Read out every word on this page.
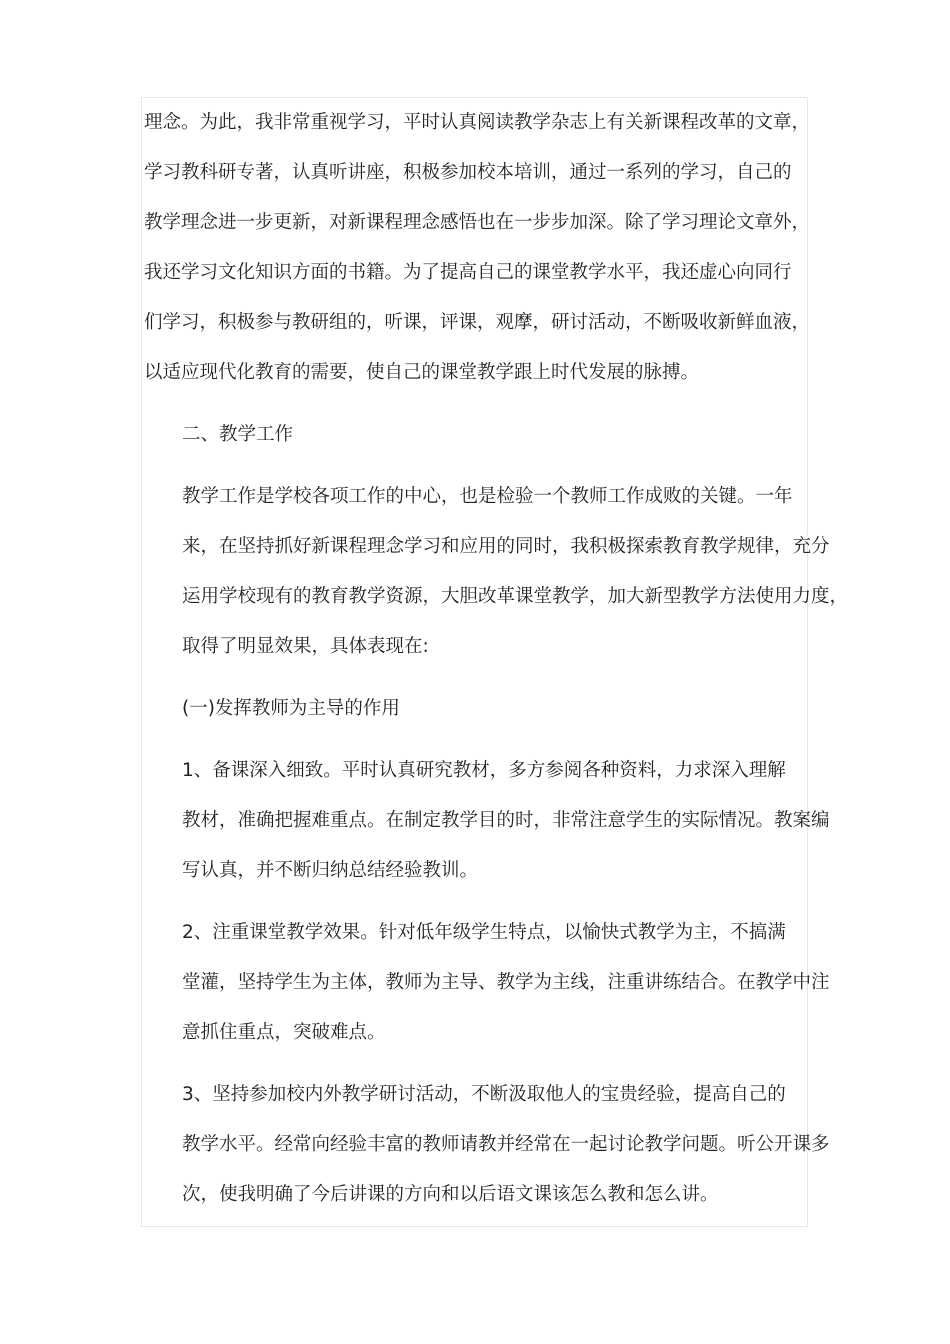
理念。为此，我非常重视学习，平时认真阅读教学杂志上有关新课程改革的文章，
学习教科研专著，认真听讲座，积极参加校本培训，通过一系列的学习，自己的
教学理念进一步更新，对新课程理念感悟也在一步步加深。除了学习理论文章外，
我还学习文化知识方面的书籍。为了提高自己的课堂教学水平，我还虚心向同行
们学习，积极参与教研组的，听课，评课，观摩，研讨活动，不断吸收新鲜血液，
以适应现代化教育的需要，使自己的课堂教学跟上时代发展的脉搏。

二、教学工作

教学工作是学校各项工作的中心，也是检验一个教师工作成败的关键。一年
来，在坚持抓好新课程理念学习和应用的同时，我积极探索教育教学规律，充分
运用学校现有的教育教学资源，大胆改革课堂教学，加大新型教学方法使用力度，
取得了明显效果，具体表现在:

(一)发挥教师为主导的作用

1、备课深入细致。平时认真研究教材，多方参阅各种资料，力求深入理解
教材，准确把握难重点。在制定教学目的时，非常注意学生的实际情况。教案编
写认真，并不断归纳总结经验教训。

2、注重课堂教学效果。针对低年级学生特点，以愉快式教学为主，不搞满
堂灌，坚持学生为主体，教师为主导、教学为主线，注重讲练结合。在教学中注
意抓住重点，突破难点。

3、坚持参加校内外教学研讨活动，不断汲取他人的宝贵经验，提高自己的
教学水平。经常向经验丰富的教师请教并经常在一起讨论教学问题。听公开课多
次，使我明确了今后讲课的方向和以后语文课该怎么教和怎么讲。
